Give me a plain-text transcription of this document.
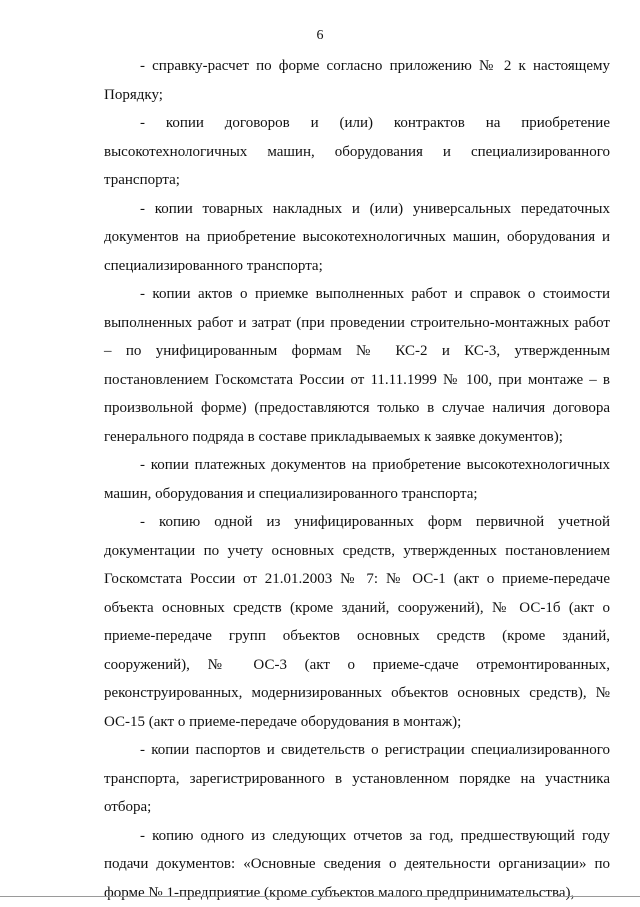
6

- справку-расчет по форме согласно приложению № 2 к настоящему Порядку;

- копии договоров и (или) контрактов на приобретение высокотехнологичных машин, оборудования и специализированного транспорта;

- копии товарных накладных и (или) универсальных передаточных документов на приобретение высокотехнологичных машин, оборудования и специализированного транспорта;

- копии актов о приемке выполненных работ и справок о стоимости выполненных работ и затрат (при проведении строительно-монтажных работ – по унифицированным формам № КС-2 и КС-3, утвержденным постановлением Госкомстата России от 11.11.1999 № 100, при монтаже – в произвольной форме) (предоставляются только в случае наличия договора генерального подряда в составе прикладываемых к заявке документов);

- копии платежных документов на приобретение высокотехнологичных машин, оборудования и специализированного транспорта;

- копию одной из унифицированных форм первичной учетной документации по учету основных средств, утвержденных постановлением Госкомстата России от 21.01.2003 № 7: № ОС-1 (акт о приеме-передаче объекта основных средств (кроме зданий, сооружений), № ОС-1б (акт о приеме-передаче групп объектов основных средств (кроме зданий, сооружений), № ОС-3 (акт о приеме-сдаче отремонтированных, реконструированных, модернизированных объектов основных средств), № ОС-15 (акт о приеме-передаче оборудования в монтаж);

- копии паспортов и свидетельств о регистрации специализированного транспорта, зарегистрированного в установленном порядке на участника отбора;

- копию одного из следующих отчетов за год, предшествующий году подачи документов: «Основные сведения о деятельности организации» по форме № 1-предприятие (кроме субъектов малого предпринимательства),
